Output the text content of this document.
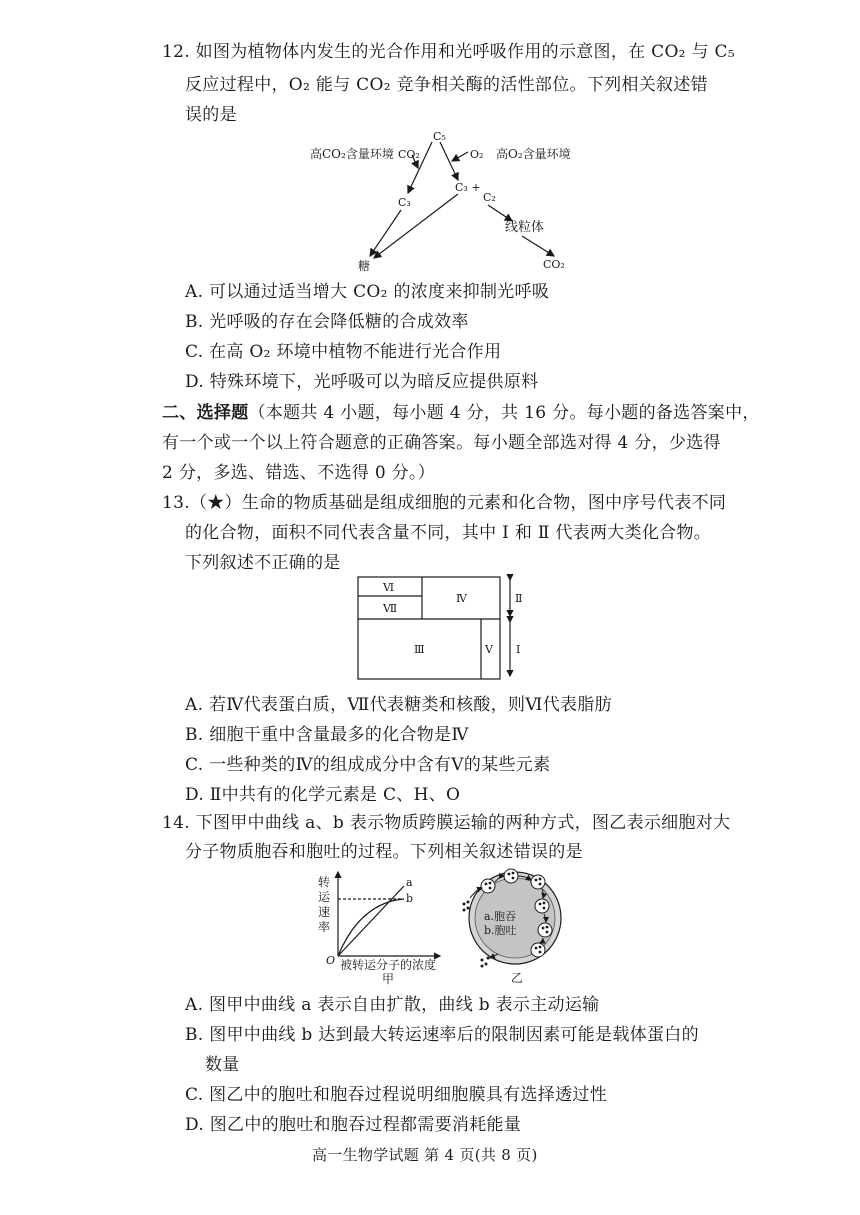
12. 如图为植物体内发生的光合作用和光呼吸作用的示意图，在 CO₂ 与 C₅
反应过程中，O₂ 能与 CO₂ 竞争相关酶的活性部位。下列相关叙述错
误的是
C₅
高CO₂含量环境 CO₂	O₂ 高O₂含量环境
C₃
C₃ +
C₂
线粒体
糖	CO₂
A. 可以通过适当增大 CO₂ 的浓度来抑制光呼吸
B. 光呼吸的存在会降低糖的合成效率
C. 在高 O₂ 环境中植物不能进行光合作用
D. 特殊环境下，光呼吸可以为暗反应提供原料
二、选择题（本题共 4 小题，每小题 4 分，共 16 分。每小题的备选答案中，
有一个或一个以上符合题意的正确答案。每小题全部选对得 4 分，少选得
2 分，多选、错选、不选得 0 分。）
13.（★）生命的物质基础是组成细胞的元素和化合物，图中序号代表不同
的化合物，面积不同代表含量不同，其中 Ⅰ 和 Ⅱ 代表两大类化合物。
下列叙述不正确的是
Ⅵ
Ⅶ
Ⅳ
Ⅲ	Ⅴ
Ⅱ
Ⅰ
A. 若Ⅳ代表蛋白质，Ⅶ代表糖类和核酸，则Ⅵ代表脂肪
B. 细胞干重中含量最多的化合物是Ⅳ
C. 一些种类的Ⅳ的组成成分中含有Ⅴ的某些元素
D. Ⅱ中共有的化学元素是 C、H、O
14. 下图甲中曲线 a、b 表示物质跨膜运输的两种方式，图乙表示细胞对大
分子物质胞吞和胞吐的过程。下列相关叙述错误的是
转
运
速
率
a
b
O 被转运分子的浓度
甲
a.胞吞
b.胞吐
乙
A. 图甲中曲线 a 表示自由扩散，曲线 b 表示主动运输
B. 图甲中曲线 b 达到最大转运速率后的限制因素可能是载体蛋白的
数量
C. 图乙中的胞吐和胞吞过程说明细胞膜具有选择透过性
D. 图乙中的胞吐和胞吞过程都需要消耗能量
高一生物学试题 第 4 页(共 8 页)
